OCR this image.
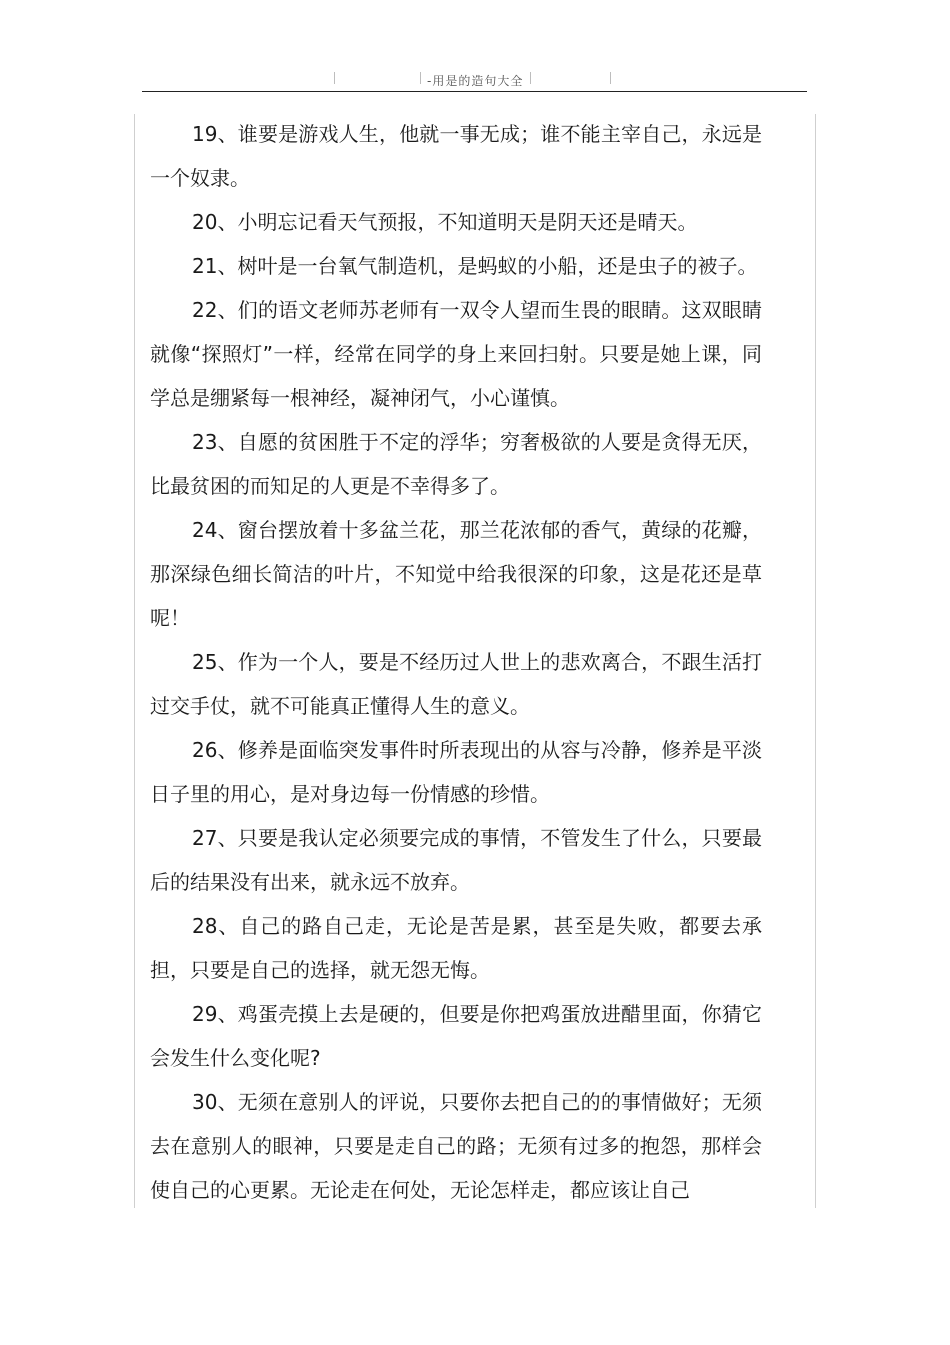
-用是的造句大全

19、谁要是游戏人生，他就一事无成；谁不能主宰自己，永远是一个奴隶。

20、小明忘记看天气预报，不知道明天是阴天还是晴天。

21、树叶是一台氧气制造机，是蚂蚁的小船，还是虫子的被子。

22、们的语文老师苏老师有一双令人望而生畏的眼睛。这双眼睛就像“探照灯”一样，经常在同学的身上来回扫射。只要是她上课，同学总是绷紧每一根神经，凝神闭气，小心谨慎。

23、自愿的贫困胜于不定的浮华；穷奢极欲的人要是贪得无厌，比最贫困的而知足的人更是不幸得多了。

24、窗台摆放着十多盆兰花，那兰花浓郁的香气，黄绿的花瓣，那深绿色细长简洁的叶片，不知觉中给我很深的印象，这是花还是草呢！

25、作为一个人，要是不经历过人世上的悲欢离合，不跟生活打过交手仗，就不可能真正懂得人生的意义。

26、修养是面临突发事件时所表现出的从容与冷静，修养是平淡日子里的用心，是对身边每一份情感的珍惜。

27、只要是我认定必须要完成的事情，不管发生了什么，只要最后的结果没有出来，就永远不放弃。

28、自己的路自己走，无论是苦是累，甚至是失败，都要去承担，只要是自己的选择，就无怨无悔。

29、鸡蛋壳摸上去是硬的，但要是你把鸡蛋放进醋里面，你猜它会发生什么变化呢?

30、无须在意别人的评说，只要你去把自己的的事情做好；无须去在意别人的眼神，只要是走自己的路；无须有过多的抱怨，那样会使自己的心更累。无论走在何处，无论怎样走，都应该让自己
